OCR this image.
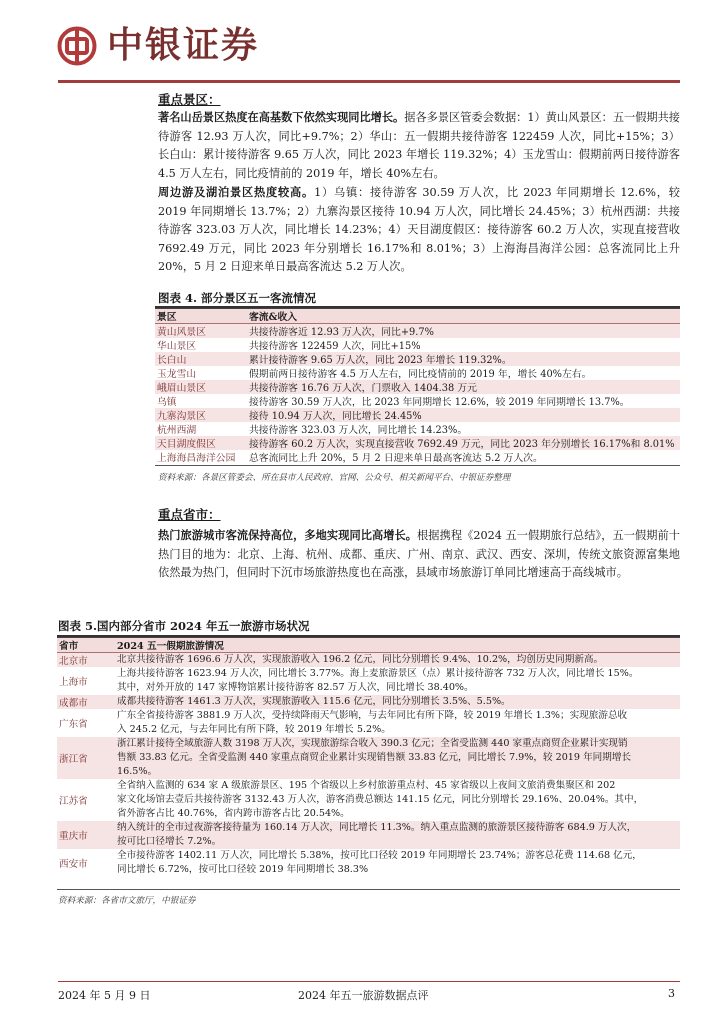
中银证券
重点景区：
著名山岳景区热度在高基数下依然实现同比增长。据各多景区管委会数据：1）黄山风景区：五一假期共接待游客 12.93 万人次，同比+9.7%；2）华山：五一假期共接待游客 122459 人次，同比+15%；3）长白山：累计接待游客 9.65 万人次，同比 2023 年增长 119.32%；4）玉龙雪山：假期前两日接待游客 4.5 万人左右，同比疫情前的 2019 年，增长 40%左右。
周边游及湖泊景区热度较高。1）乌镇：接待游客 30.59 万人次，比 2023 年同期增长 12.6%，较 2019 年同期增长 13.7%；2）九寨沟景区接待 10.94 万人次，同比增长 24.45%；3）杭州西湖：共接待游客 323.03 万人次，同比增长 14.23%；4）天目湖度假区：接待游客 60.2 万人次，实现直接营收 7692.49 万元，同比 2023 年分别增长 16.17%和 8.01%；3）上海海昌海洋公园：总客流同比上升 20%，5 月 2 日迎来单日最高客流达 5.2 万人次。
图表 4. 部分景区五一客流情况
景区	客流&收入
黄山风景区	共接待游客近 12.93 万人次，同比+9.7%
华山景区	共接待游客 122459 人次，同比+15%
长白山	累计接待游客 9.65 万人次，同比 2023 年增长 119.32%。
玉龙雪山	假期前两日接待游客 4.5 万人左右，同比疫情前的 2019 年，增长 40%左右。
峨眉山景区	共接待游客 16.76 万人次，门票收入 1404.38 万元
乌镇	接待游客 30.59 万人次，比 2023 年同期增长 12.6%，较 2019 年同期增长 13.7%。
九寨沟景区	接待 10.94 万人次，同比增长 24.45%
杭州西湖	共接待游客 323.03 万人次，同比增长 14.23%。
天目湖度假区	接待游客 60.2 万人次，实现直接营收 7692.49 万元，同比 2023 年分别增长 16.17%和 8.01%
上海海昌海洋公园	总客流同比上升 20%，5 月 2 日迎来单日最高客流达 5.2 万人次。
资料来源：各景区管委会、所在县市人民政府、官网、公众号、相关新闻平台、中银证券整理
重点省市：
热门旅游城市客流保持高位，多地实现同比高增长。根据携程《2024 五一假期旅行总结》，五一假期前十热门目的地为：北京、上海、杭州、成都、重庆、广州、南京、武汉、西安、深圳，传统文旅资源富集地依然最为热门，但同时下沉市场旅游热度也在高涨，县域市场旅游订单同比增速高于高线城市。
图表 5.国内部分省市 2024 年五一旅游市场状况
省市	2024 五一假期旅游情况
北京市	北京共接待游客 1696.6 万人次，实现旅游收入 196.2 亿元，同比分别增长 9.4%、10.2%，均创历史同期新高。

上海市	上海共接待游客 1623.94 万人次，同比增长 3.77%。海上麦旅游景区（点）累计接待游客 732 万人次，同比增长 15%。
其中，对外开放的 147 家博物馆累计接待游客 82.57 万人次，同比增长 38.40%。

成都市	成都共接待游客 1461.3 万人次，实现旅游收入 115.6 亿元，同比分别增长 3.5%、5.5%。

广东省	广东全省接待游客 3881.9 万人次，受持续降雨天气影响，与去年同比有所下降，较 2019 年增长 1.3%；实现旅游总收
入 245.2 亿元，与去年同比有所下降，较 2019 年增长 5.2%。

浙江省	浙江累计接待全域旅游人数 3198 万人次，实现旅游综合收入 390.3 亿元；全省受监测 440 家重点商贸企业累计实现销
售额 33.83 亿元。全省受监测 440 家重点商贸企业累计实现销售额 33.83 亿元，同比增长 7.9%，较 2019 年同期增长
16.5%。

江苏省	全省纳入监测的 634 家 A 级旅游景区、195 个省级以上乡村旅游重点村、45 家省级以上夜间文旅消费集聚区和 202
家文化场馆去壹后共接待游客 3132.43 万人次，游客消费总额达 141.15 亿元，同比分别增长 29.16%、20.04%。其中，
省外游客占比 40.76%，省内跨市游客占比 20.54%。

重庆市	纳入统计的全市过夜游客接待量为 160.14 万人次，同比增长 11.3%。纳入重点监测的旅游景区接待游客 684.9 万人次，
按可比口径增长 7.2%。

西安市	全市接待游客 1402.11 万人次，同比增长 5.38%，按可比口径较 2019 年同期增长 23.74%；游客总花费 114.68 亿元，
同比增长 6.72%，按可比口径较 2019 年同期增长 38.3%
资料来源：各省市文旅厅，中银证券
2024 年 5 月 9 日	2024 年五一旅游数据点评	3
